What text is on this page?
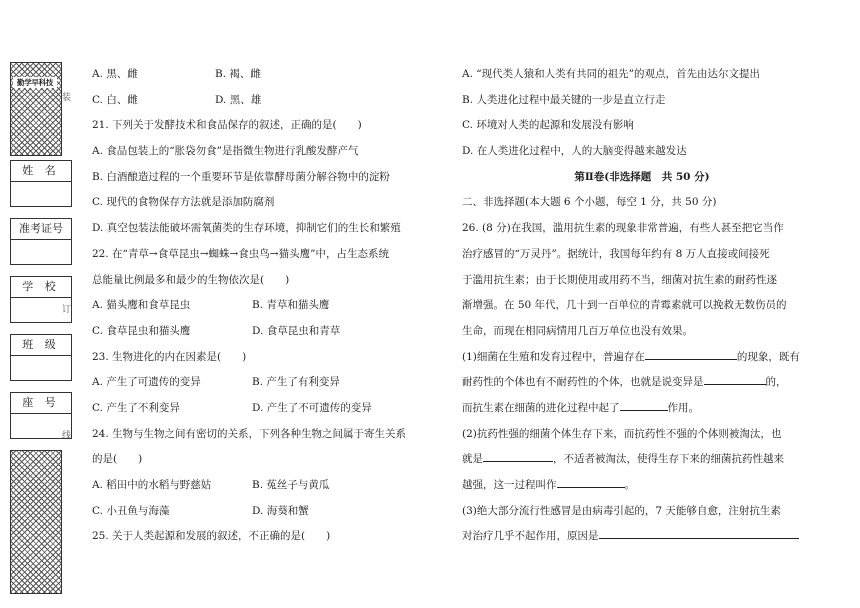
勤学早科技
姓 名
准考证号
学 校
班 级
座 号
装
订
线
A. 黑、雌	B. 褐、雌
C. 白、雌	D. 黑、雄
21. 下列关于发酵技术和食品保存的叙述，正确的是(　　)
A. 食品包装上的“胀袋勿食”是指微生物进行乳酸发酵产气
B. 白酒酿造过程的一个重要环节是依靠酵母菌分解谷物中的淀粉
C. 现代的食物保存方法就是添加防腐剂
D. 真空包装法能破坏需氧菌类的生存环境，抑制它们的生长和繁殖
22. 在“青草→食草昆虫→蜘蛛→食虫鸟→猫头鹰”中，占生态系统
总能量比例最多和最少的生物依次是(　　)
A. 猫头鹰和食草昆虫	B. 青草和猫头鹰
C. 食草昆虫和猫头鹰	D. 食草昆虫和青草
23. 生物进化的内在因素是(　　)
A. 产生了可遗传的变异	B. 产生了有利变异
C. 产生了不利变异	D. 产生了不可遗传的变异
24. 生物与生物之间有密切的关系，下列各种生物之间属于寄生关系
的是(　　)
A. 稻田中的水稻与野慈姑	B. 菟丝子与黄瓜
C. 小丑鱼与海藻	D. 海葵和蟹
25. 关于人类起源和发展的叙述，不正确的是(　　)
A. “现代类人猿和人类有共同的祖先”的观点，首先由达尔文提出
B. 人类进化过程中最关键的一步是直立行走
C. 环境对人类的起源和发展没有影响
D. 在人类进化过程中，人的大脑变得越来越发达
第Ⅱ卷(非选择题　共 50 分)
二、非选择题(本大题 6 个小题，每空 1 分，共 50 分)
26. (8 分)在我国，滥用抗生素的现象非常普遍，有些人甚至把它当作
治疗感冒的“万灵丹”。据统计，我国每年约有 8 万人直接或间接死
于滥用抗生素；由于长期使用或用药不当，细菌对抗生素的耐药性逐
渐增强。在 50 年代，几十到一百单位的青霉素就可以挽救无数伤员的
生命，而现在相同病情用几百万单位也没有效果。
(1)细菌在生殖和发育过程中，普遍存在	的现象，既有
耐药性的个体也有不耐药性的个体，也就是说变异是	的，
而抗生素在细菌的进化过程中起了	作用。
(2)抗药性强的细菌个体生存下来，而抗药性不强的个体则被淘汰，也
就是	，不适者被淘汰，使得生存下来的细菌抗药性越来
越强，这一过程叫作	。
(3)绝大部分流行性感冒是由病毒引起的，7 天能够自愈，注射抗生素
对治疗几乎不起作用，原因是
